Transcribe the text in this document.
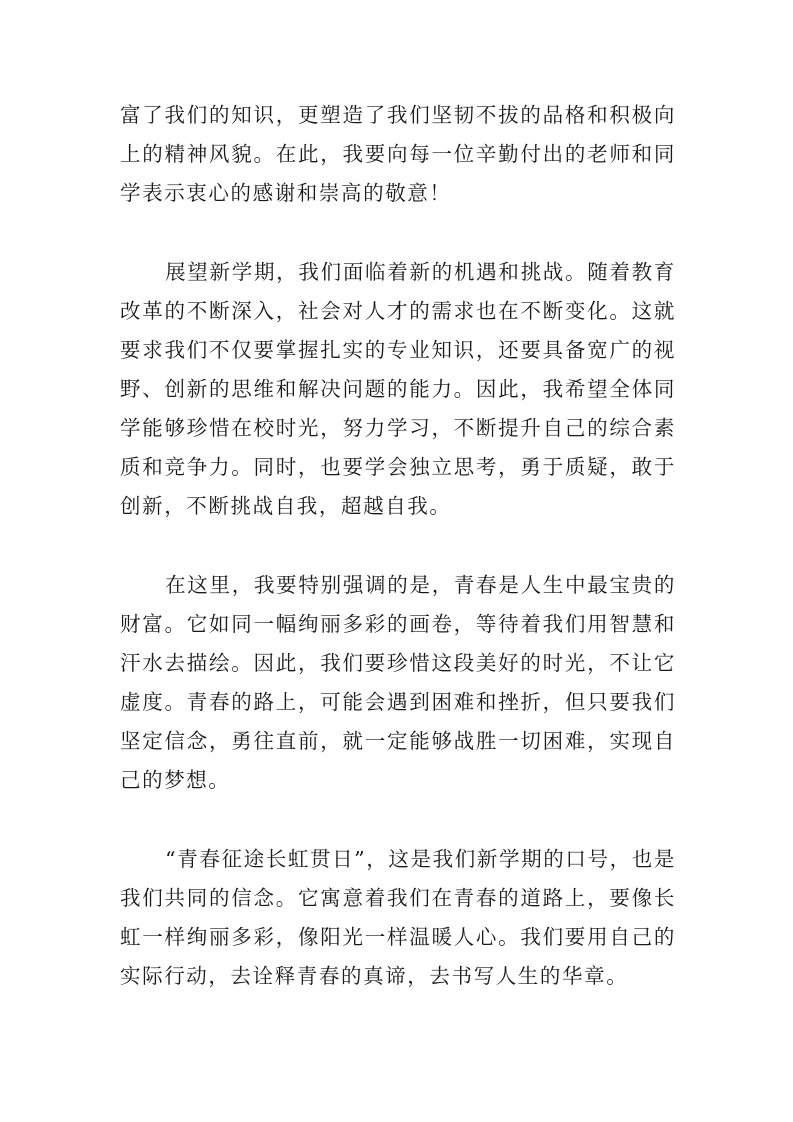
富了我们的知识，更塑造了我们坚韧不拔的品格和积极向上的精神风貌。在此，我要向每一位辛勤付出的老师和同学表示衷心的感谢和崇高的敬意！

展望新学期，我们面临着新的机遇和挑战。随着教育改革的不断深入，社会对人才的需求也在不断变化。这就要求我们不仅要掌握扎实的专业知识，还要具备宽广的视野、创新的思维和解决问题的能力。因此，我希望全体同学能够珍惜在校时光，努力学习，不断提升自己的综合素质和竞争力。同时，也要学会独立思考，勇于质疑，敢于创新，不断挑战自我，超越自我。

在这里，我要特别强调的是，青春是人生中最宝贵的财富。它如同一幅绚丽多彩的画卷，等待着我们用智慧和汗水去描绘。因此，我们要珍惜这段美好的时光，不让它虚度。青春的路上，可能会遇到困难和挫折，但只要我们坚定信念，勇往直前，就一定能够战胜一切困难，实现自己的梦想。

“青春征途长虹贯日”，这是我们新学期的口号，也是我们共同的信念。它寓意着我们在青春的道路上，要像长虹一样绚丽多彩，像阳光一样温暖人心。我们要用自己的实际行动，去诠释青春的真谛，去书写人生的华章。
